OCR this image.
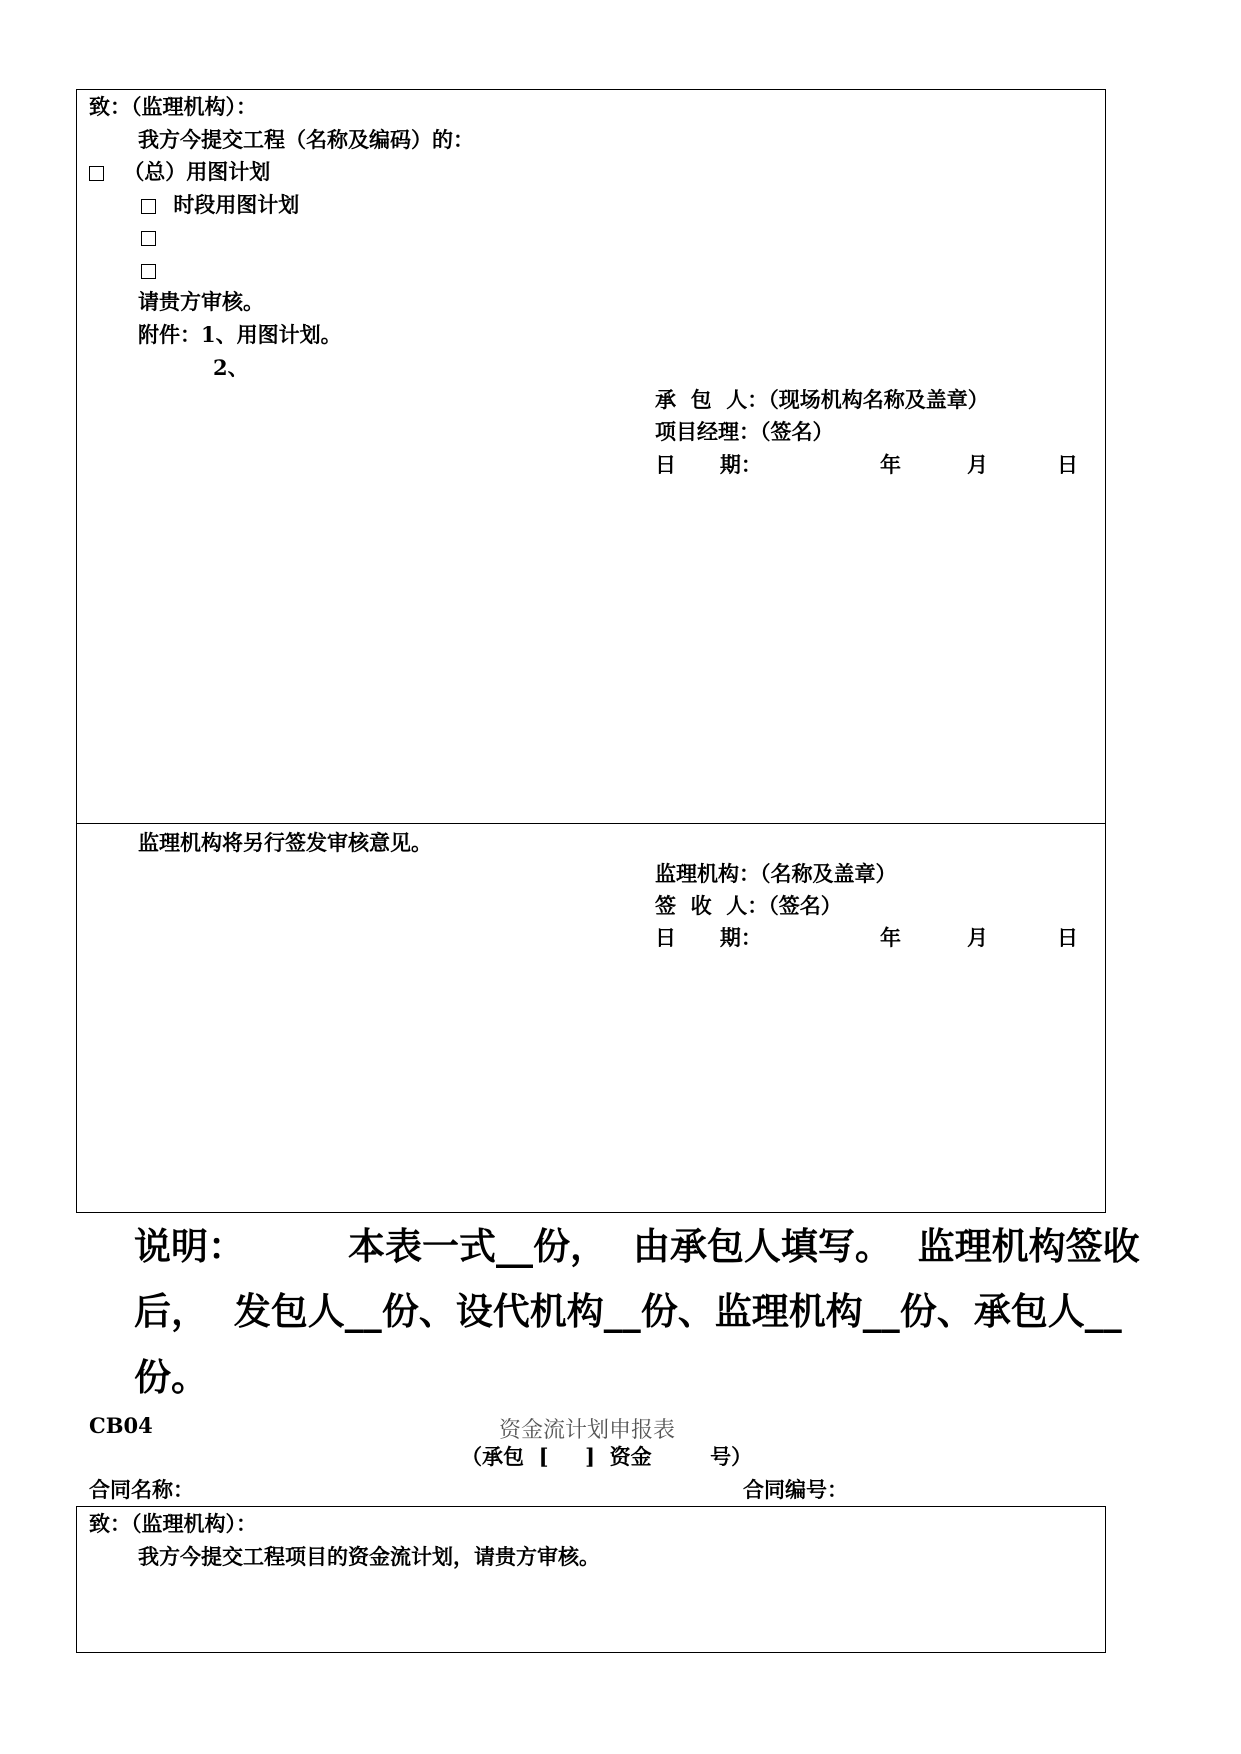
致：（监理机构）：
我方今提交工程（名称及编码）的：
（总）用图计划
时段用图计划
请贵方审核。
附件：1、用图计划。
2、
承  包  人：（现场机构名称及盖章）
项目经理：（签名）
日      期：	年	月	日
监理机构将另行签发审核意见。
监理机构：（名称及盖章）
签  收  人：（签名）
日      期：	年	月	日
说明：        本表一式__份，  由承包人填写。  监理机构签收
后，  发包人__份、设代机构__份、监理机构__份、承包人__
份。
CB04	资金流计划申报表
（承包  [     ]  资金        号）
合同名称：	合同编号：
致：（监理机构）：
我方今提交工程项目的资金流计划，请贵方审核。
